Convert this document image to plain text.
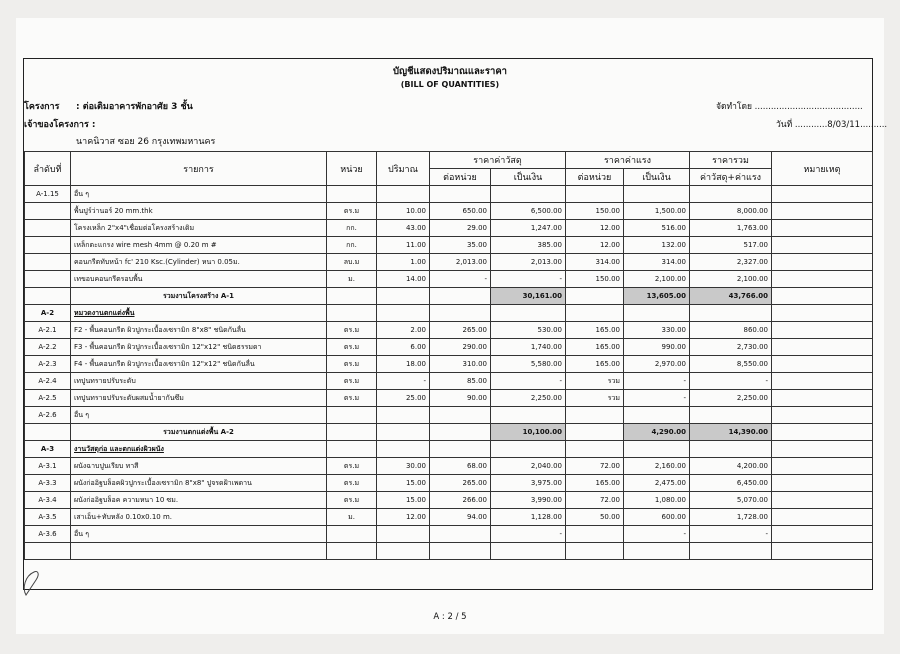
บัญชีแสดงปริมาณและราคา
(BILL OF QUANTITIES)
โครงการ : ต่อเติมอาคารพักอาศัย 3 ชั้น
เจ้าของโครงการ :
นาคนิวาส ซอย 26 กรุงเทพมหานคร
จัดทำโดย ........................................
วันที่ ............8/03/11..........
ลำดับที่	รายการ	หน่วย	ปริมาณ	ราคาค่าวัสดุ		ราคาค่าแรง		ราคารวม	หมายเหตุ
				ต่อหน่วย	เป็นเงิน	ต่อหน่วย	เป็นเงิน	ค่าวัสดุ+ค่าแรง	
A-1.15	อื่น ๆ								
	พื้นปูร์ว่านอร์ 20 mm.thk	ตร.ม	10.00	650.00	6,500.00	150.00	1,500.00	8,000.00	
	โครงเหล็ก 2"x4"เชื่อมต่อโครงสร้างเดิม	กก.	43.00	29.00	1,247.00	12.00	516.00	1,763.00	
	เหล็กตะแกรง wire mesh 4mm @ 0.20 m #	กก.	11.00	35.00	385.00	12.00	132.00	517.00	
	คอนกรีตทับหน้า fc' 210 Ksc.(Cylinder) หนา 0.05ม.	ลบ.ม	1.00	2,013.00	2,013.00	314.00	314.00	2,327.00	
	เทขอบคอนกรีตรอบพื้น	ม.	14.00	-	-	150.00	2,100.00	2,100.00	
	รวมงานโครงสร้าง A-1				30,161.00		13,605.00	43,766.00	
A-2	หมวดงานตกแต่งพื้น								
A-2.1	F2 - พื้นคอนกรีต ผิวปูกระเบื้องเซรามิก 8"x8" ชนิดกันลื่น	ตร.ม	2.00	265.00	530.00	165.00	330.00	860.00	
A-2.2	F3 - พื้นคอนกรีต ผิวปูกระเบื้องเซรามิก 12"x12" ชนิดธรรมดา	ตร.ม	6.00	290.00	1,740.00	165.00	990.00	2,730.00	
A-2.3	F4 - พื้นคอนกรีต ผิวปูกระเบื้องเซรามิก 12"x12" ชนิดกันลื่น	ตร.ม	18.00	310.00	5,580.00	165.00	2,970.00	8,550.00	
A-2.4	เทปูนทรายปรับระดับ	ตร.ม	-	85.00	-	รวม	-	-	
A-2.5	เทปูนทรายปรับระดับผสมน้ำยากันซึม	ตร.ม	25.00	90.00	2,250.00	รวม	-	2,250.00	
A-2.6	อื่น ๆ								
	รวมงานตกแต่งพื้น A-2				10,100.00		4,290.00	14,390.00	
A-3	งานวัสดุก่อ และตกแต่งผิวผนัง								
A-3.1	ผนังฉาบปูนเรียบ ทาสี	ตร.ม	30.00	68.00	2,040.00	72.00	2,160.00	4,200.00	
A-3.3	ผนังก่ออิฐบล็อคผิวปูกระเบื้องเซรามิก 8"x8" ปูจรดฝ้าเพดาน	ตร.ม	15.00	265.00	3,975.00	165.00	2,475.00	6,450.00	
A-3.4	ผนังก่ออิฐบล็อค ความหนา 10 ซม.	ตร.ม	15.00	266.00	3,990.00	72.00	1,080.00	5,070.00	
A-3.5	เสาเอ็น+ทับหลัง 0.10x0.10 m.	ม.	12.00	94.00	1,128.00	50.00	600.00	1,728.00	
A-3.6	อื่น ๆ				-		-	-	

A : 2 / 5
